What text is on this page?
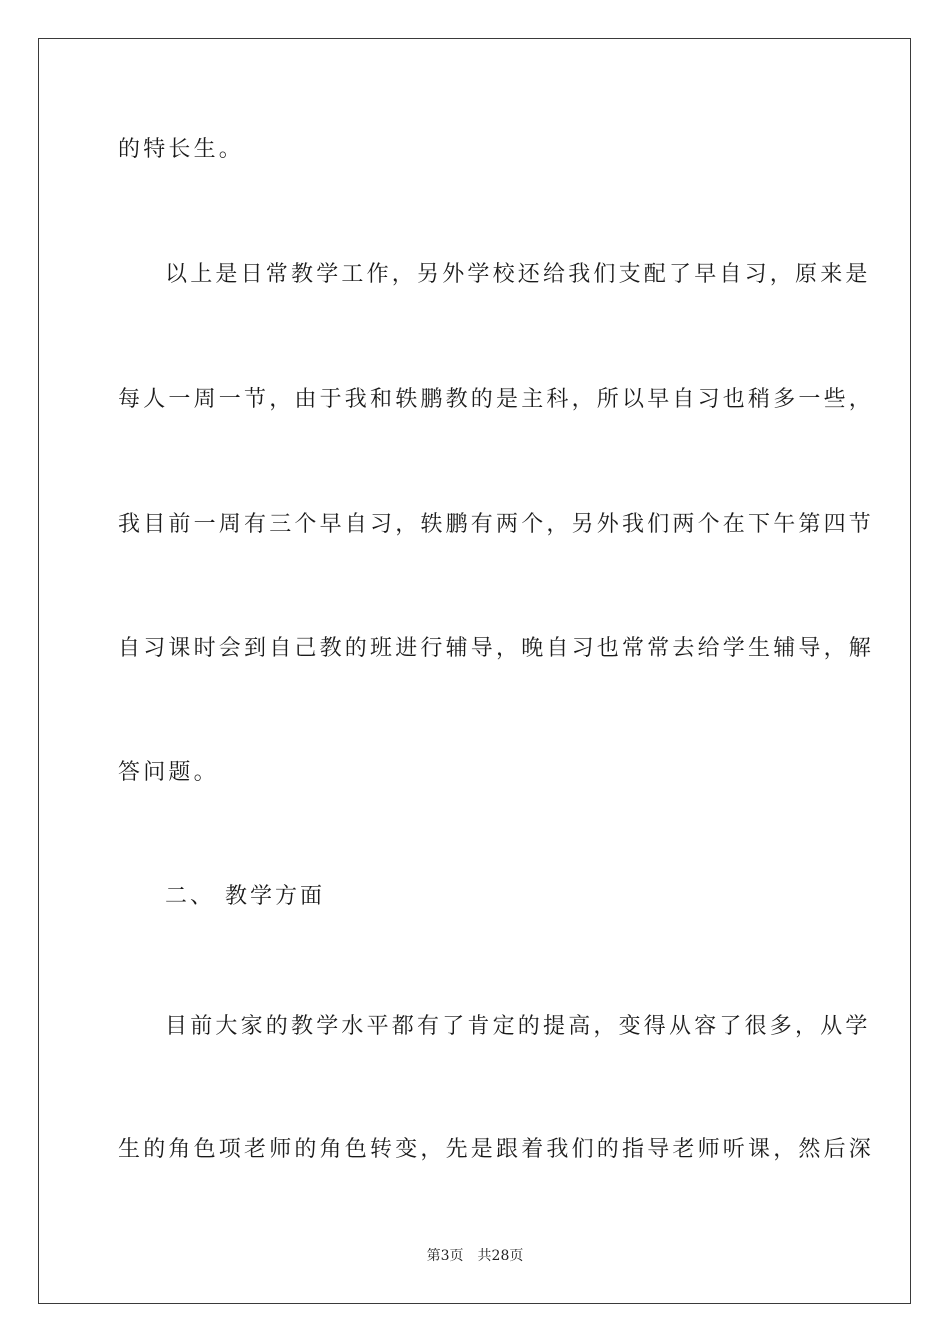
的特长生。
以上是日常教学工作，另外学校还给我们支配了早自习，原来是
每人一周一节，由于我和轶鹏教的是主科，所以早自习也稍多一些，
我目前一周有三个早自习，轶鹏有两个，另外我们两个在下午第四节
自习课时会到自己教的班进行辅导，晚自习也常常去给学生辅导，解
答问题。
二、 教学方面
目前大家的教学水平都有了肯定的提高，变得从容了很多，从学
生的角色项老师的角色转变，先是跟着我们的指导老师听课，然后深
第3页 共28页
